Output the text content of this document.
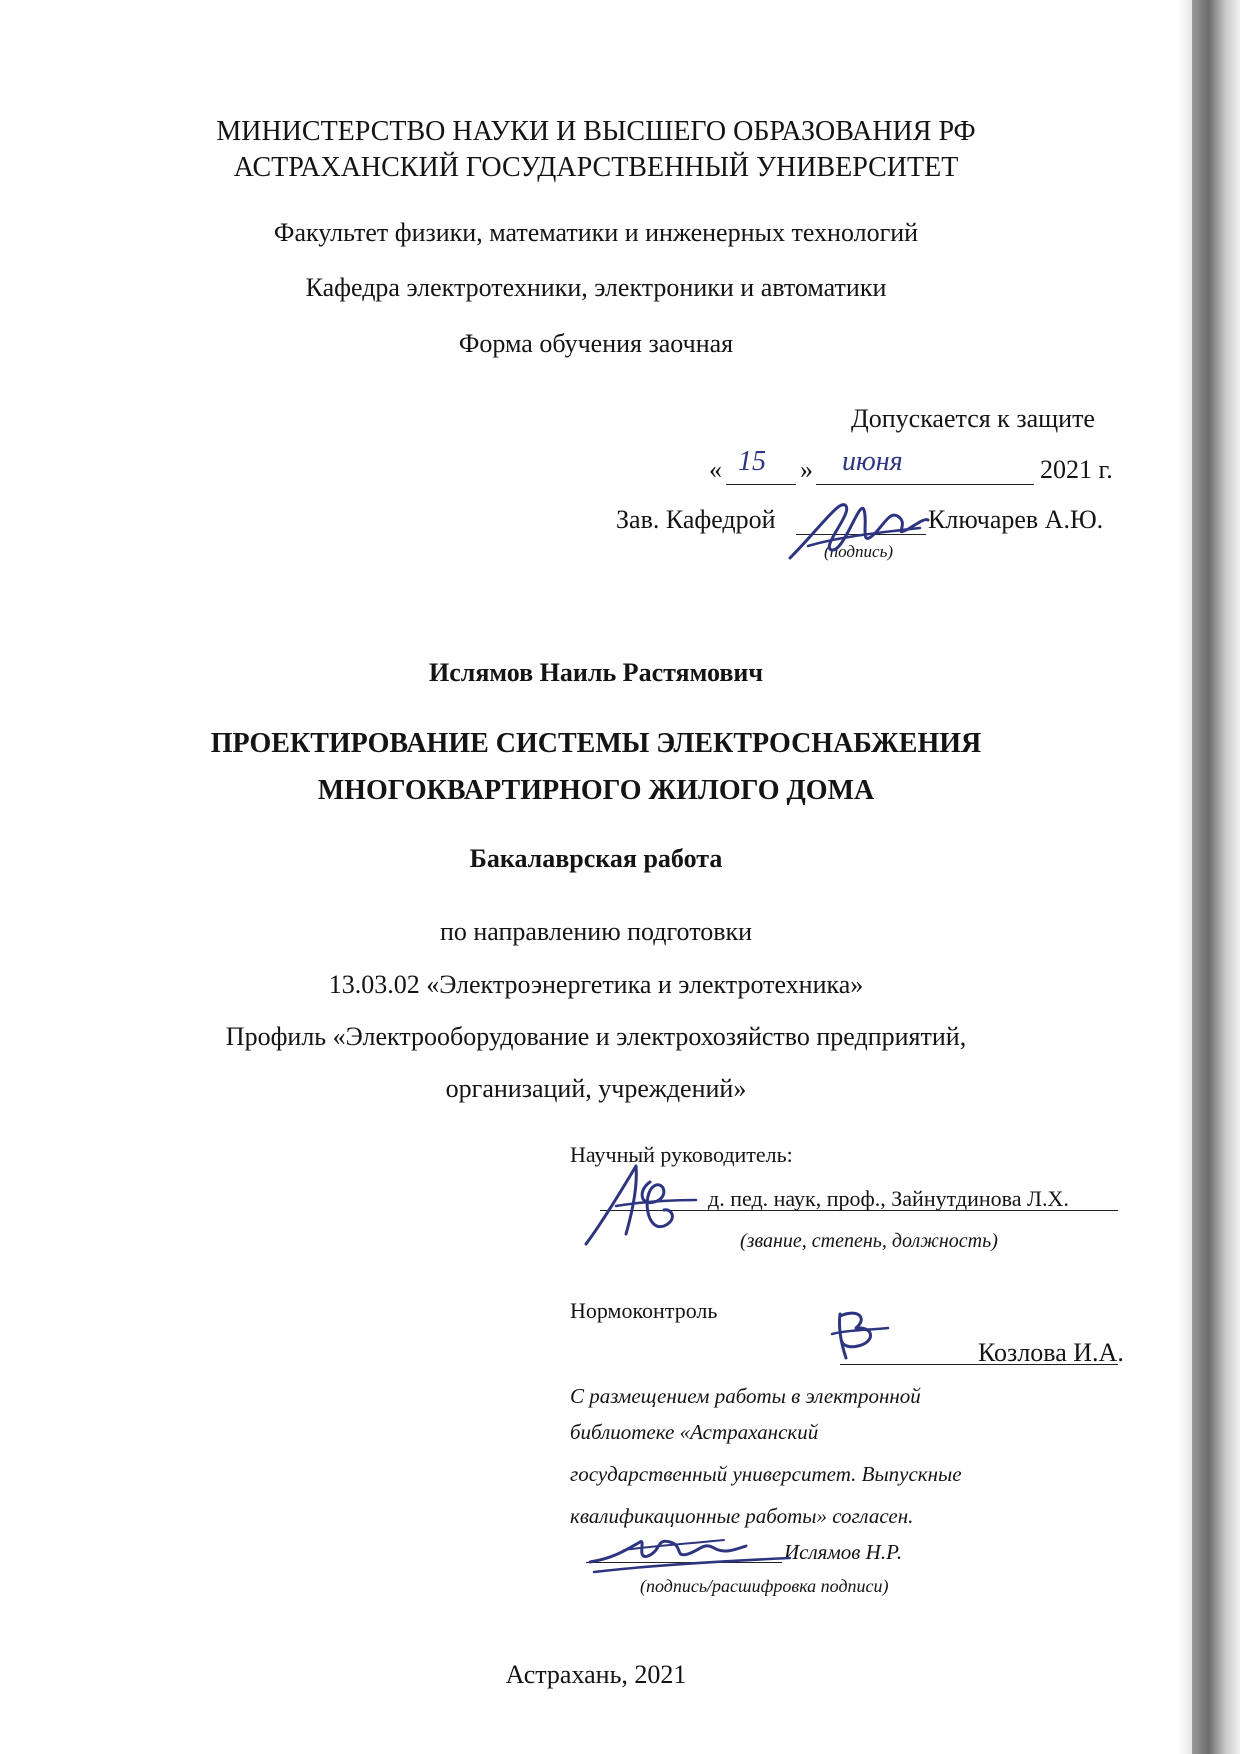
МИНИСТЕРСТВО НАУКИ И ВЫСШЕГО ОБРАЗОВАНИЯ РФ
АСТРАХАНСКИЙ ГОСУДАРСТВЕННЫЙ УНИВЕРСИТЕТ
Факультет физики, математики и инженерных технологий
Кафедра электротехники, электроники и автоматики
Форма обучения заочная
Допускается к защите
« 15 » июня	2021 г.
Зав. Кафедрой	Ключарев А.Ю.
(подпись)
Ислямов Наиль Растямович
ПРОЕКТИРОВАНИЕ СИСТЕМЫ ЭЛЕКТРОСНАБЖЕНИЯ
МНОГОКВАРТИРНОГО ЖИЛОГО ДОМА
Бакалаврская работа
по направлению подготовки
13.03.02 «Электроэнергетика и электротехника»
Профиль «Электрооборудование и электрохозяйство предприятий,
организаций, учреждений»
Научный руководитель:
д. пед. наук, проф., Зайнутдинова Л.Х.
(звание, степень, должность)
Нормоконтроль
Козлова И.А.
С размещением работы в электронной
библиотеке «Астраханский
государственный университет. Выпускные
квалификационные работы» согласен.
Ислямов Н.Р.
(подпись/расшифровка подписи)
Астрахань, 2021
